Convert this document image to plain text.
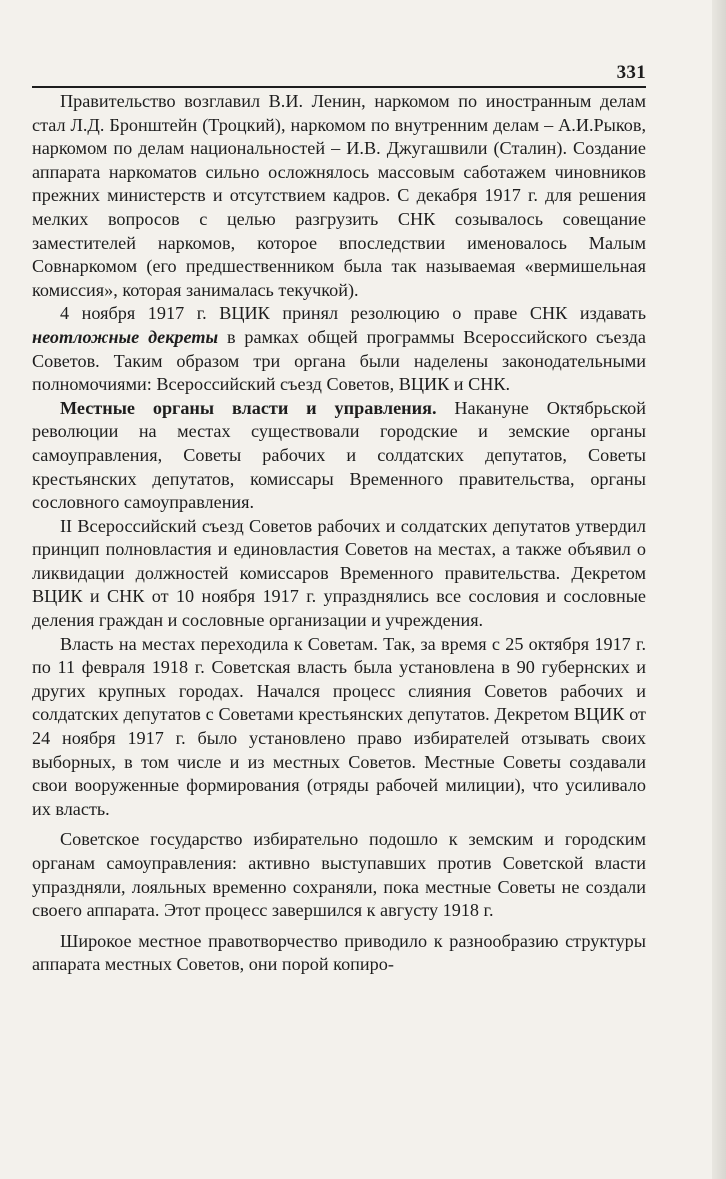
331

Правительство возглавил В.И. Ленин, наркомом по иностранным делам стал Л.Д. Бронштейн (Троцкий), наркомом по внутренним делам – А.И.Рыков, наркомом по делам национальностей – И.В. Джугашвили (Сталин). Создание аппарата наркоматов сильно осложнялось массовым саботажем чиновников прежних министерств и отсутствием кадров. С декабря 1917 г. для решения мелких вопросов с целью разгрузить СНК созывалось совещание заместителей наркомов, которое впоследствии именовалось Малым Совнаркомом (его предшественником была так называемая «вермишельная комиссия», которая занималась текучкой).

4 ноября 1917 г. ВЦИК принял резолюцию о праве СНК издавать неотложные декреты в рамках общей программы Всероссийского съезда Советов. Таким образом три органа были наделены законодательными полномочиями: Всероссийский съезд Советов, ВЦИК и СНК.

Местные органы власти и управления. Накануне Октябрьской революции на местах существовали городские и земские органы самоуправления, Советы рабочих и солдатских депутатов, Советы крестьянских депутатов, комиссары Временного правительства, органы сословного самоуправления.

II Всероссийский съезд Советов рабочих и солдатских депутатов утвердил принцип полновластия и единовластия Советов на местах, а также объявил о ликвидации должностей комиссаров Временного правительства. Декретом ВЦИК и СНК от 10 ноября 1917 г. упразднялись все сословия и сословные деления граждан и сословные организации и учреждения.

Власть на местах переходила к Советам. Так, за время с 25 октября 1917 г. по 11 февраля 1918 г. Советская власть была установлена в 90 губернских и других крупных городах. Начался процесс слияния Советов рабочих и солдатских депутатов с Советами крестьянских депутатов. Декретом ВЦИК от 24 ноября 1917 г. было установлено право избирателей отзывать своих выборных, в том числе и из местных Советов. Местные Советы создавали свои вооруженные формирования (отряды рабочей милиции), что усиливало их власть.

Советское государство избирательно подошло к земским и городским органам самоуправления: активно выступавших против Советской власти упраздняли, лояльных временно сохраняли, пока местные Советы не создали своего аппарата. Этот процесс завершился к августу 1918 г.

Широкое местное правотворчество приводило к разнообразию структуры аппарата местных Советов, они порой копиро-
